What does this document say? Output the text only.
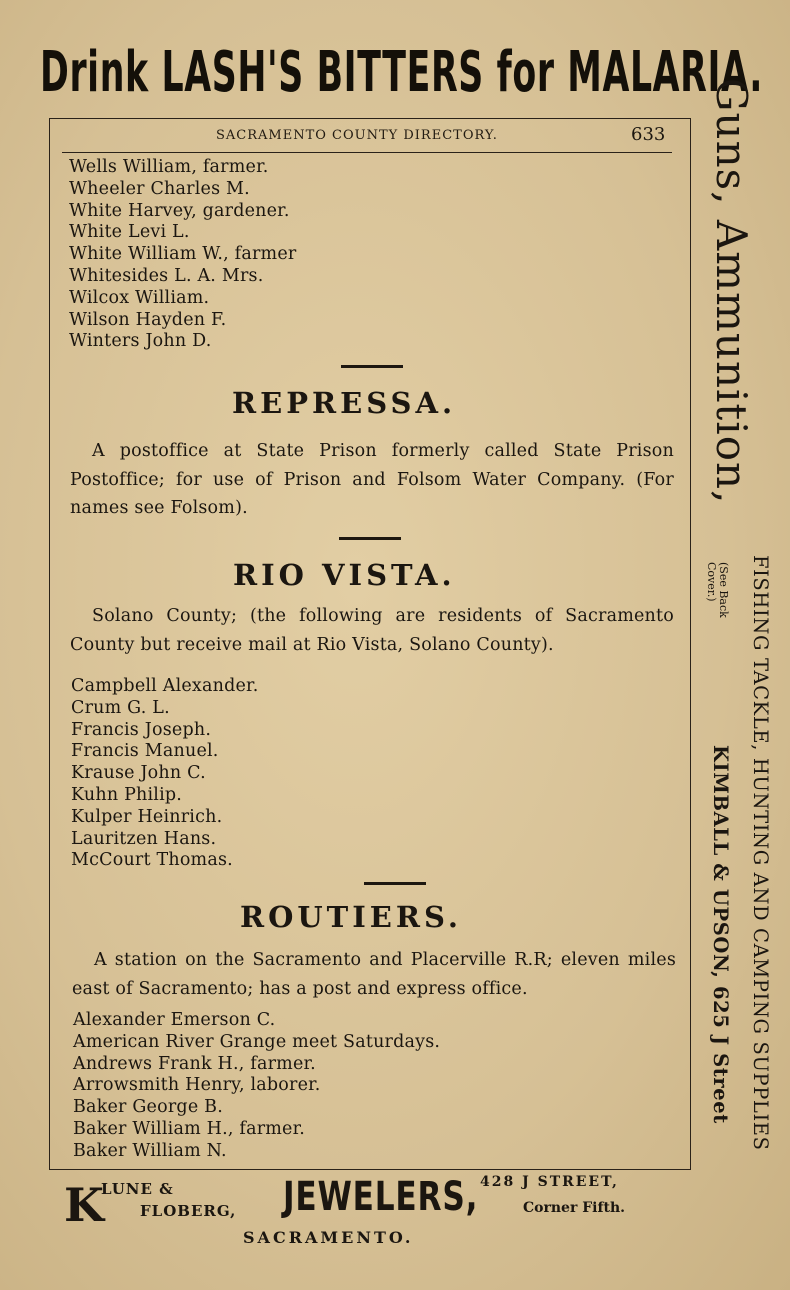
Drink LASH'S BITTERS for MALARIA.
SACRAMENTO COUNTY DIRECTORY.	633
Wells William, farmer.
Wheeler Charles M.
White Harvey, gardener.
White Levi L.
White William W., farmer
Whitesides L. A. Mrs.
Wilcox William.
Wilson Hayden F.
Winters John D.
REPRESSA.

A postoffice at State Prison formerly called State Prison Postoffice; for use of Prison and Folsom Water Company. (For names see Folsom).

RIO VISTA.

Solano County; (the following are residents of Sacramento County but receive mail at Rio Vista, Solano County).

Campbell Alexander.
Crum G. L.
Francis Joseph.
Francis Manuel.
Krause John C.
Kuhn Philip.
Kulper Heinrich.
Lauritzen Hans.
McCourt Thomas.
ROUTIERS.

A station on the Sacramento and Placerville R.R; eleven miles east of Sacramento; has a post and express office.

Alexander Emerson C.
American River Grange meet Saturdays.
Andrews Frank H., farmer.
Arrowsmith Henry, laborer.
Baker George B.
Baker William H., farmer.
Baker William N.
Guns, Ammunition,
(See Back
Cover.) FISHING TACKLE, HUNTING AND CAMPING SUPPLIES
KIMBALL & UPSON, 625 J Street
K
LUNE &
FLOBERG, JEWELERS, 428 J STREET,
Corner Fifth.
SACRAMENTO.
